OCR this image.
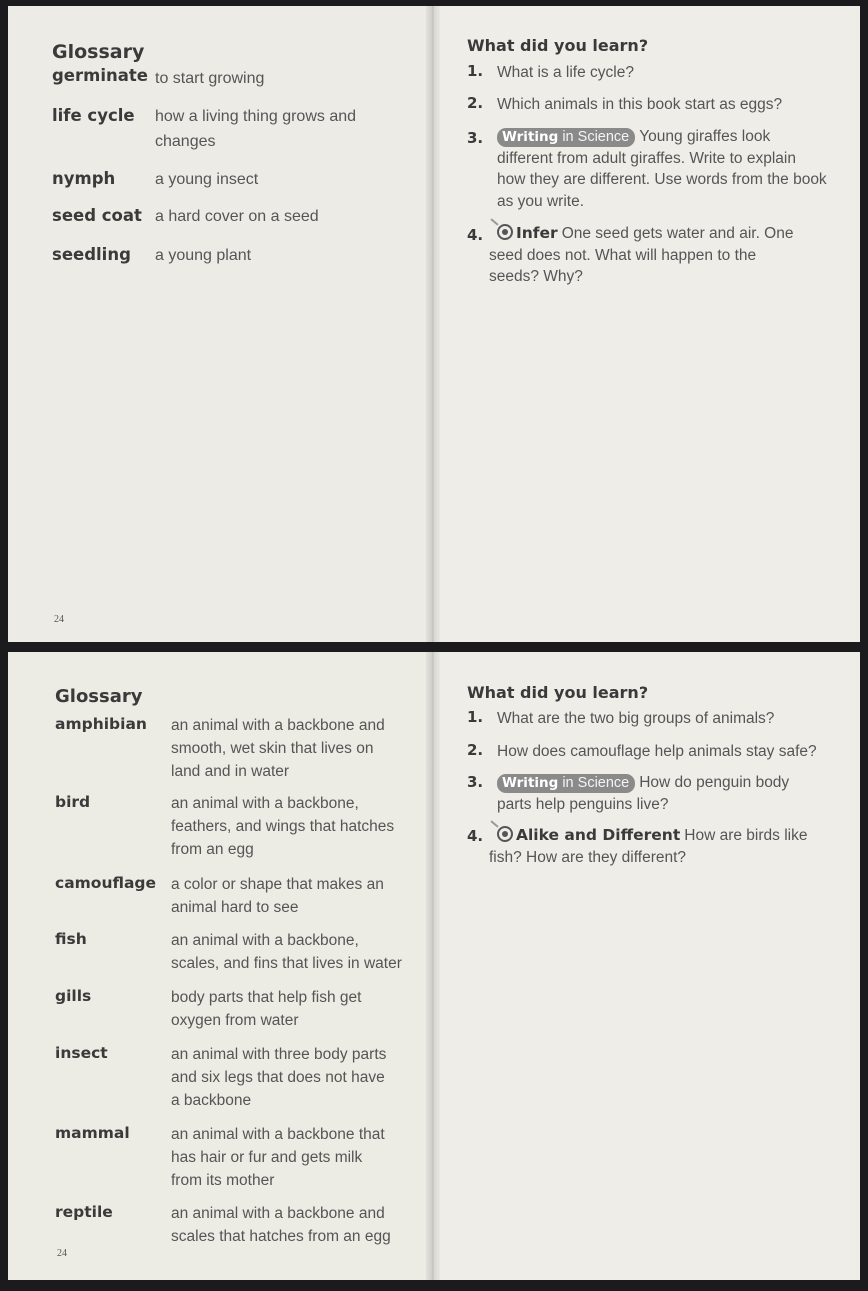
Glossary
germinate to start growing
life cycle how a living thing grows and
changes
nymph a young insect
seed coat a hard cover on a seed
seedling a young plant
24
What did you learn?
1. What is a life cycle?
2. Which animals in this book start as eggs?
3.	Writing in Science Young giraffes look different from adult giraffes. Write to explain how they are different. Use words from the book as you write.
4.	Infer One seed gets water and air. One seed does not. What will happen to the seeds? Why?
Glossary
amphibian an animal with a backbone and
smooth, wet skin that lives on
land and in water
bird	an animal with a backbone,
feathers, and wings that hatches
from an egg
camouflage a color or shape that makes an
animal hard to see
fish	an animal with a backbone,
scales, and fins that lives in water
gills	body parts that help fish get
oxygen from water
insect	an animal with three body parts
and six legs that does not have
a backbone
mammal	an animal with a backbone that
has hair or fur and gets milk
from its mother
reptile	an animal with a backbone and
scales that hatches from an egg
24
What did you learn?
1. What are the two big groups of animals?
2. How does camouflage help animals stay safe?
3.	Writing in Science How do penguin body parts help penguins live?
4.	Alike and Different How are birds like fish? How are they different?
